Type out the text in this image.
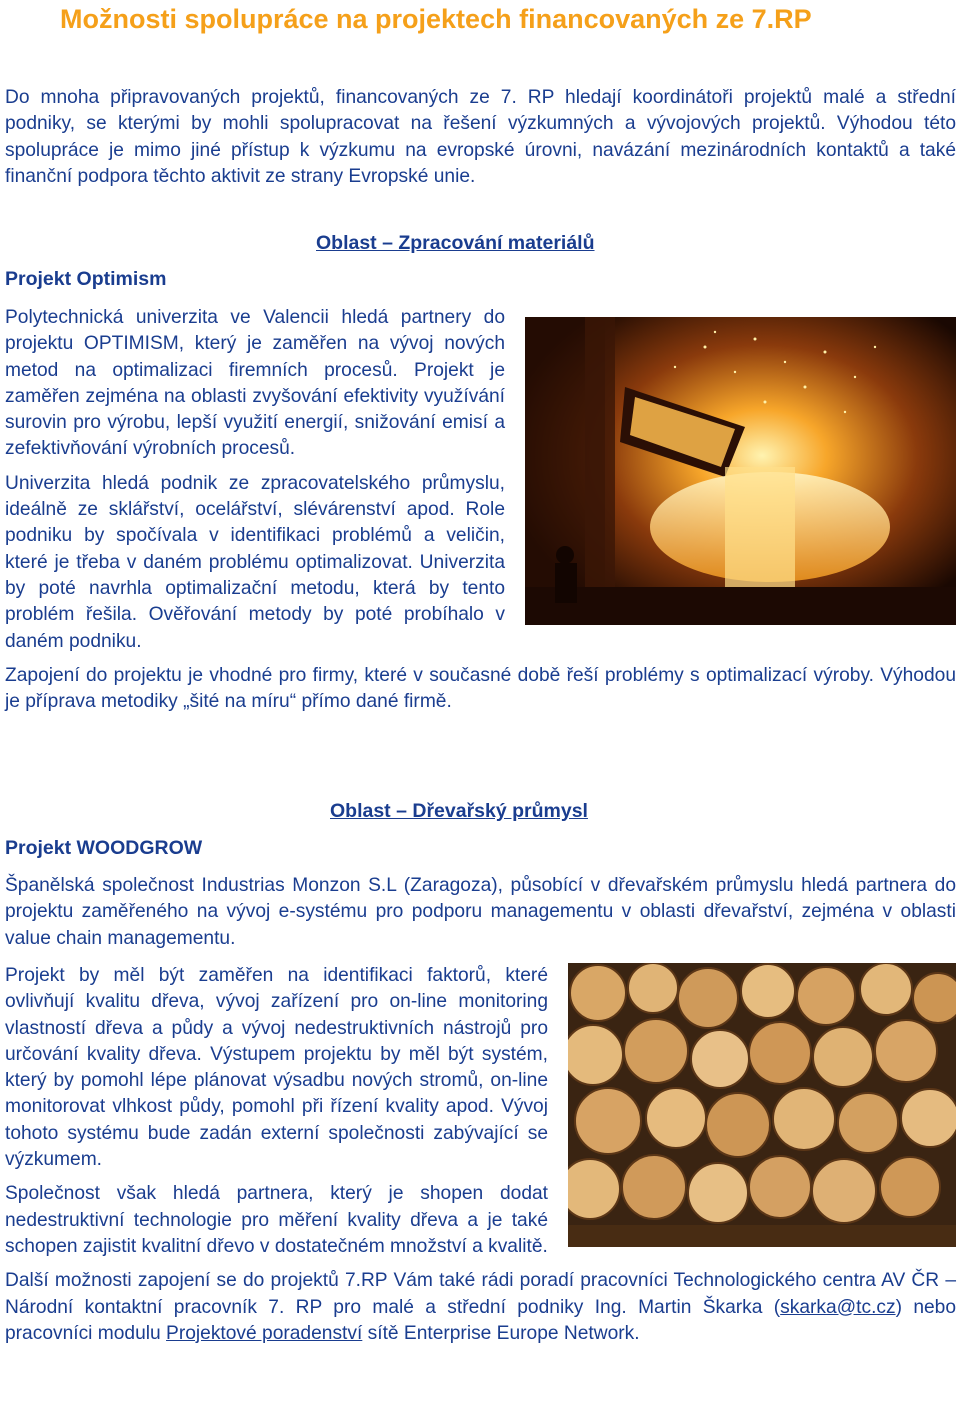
Možnosti spolupráce na projektech financovaných ze 7.RP

Do mnoha připravovaných projektů, financovaných ze 7. RP hledají koordinátoři projektů malé a střední podniky, se kterými by mohli spolupracovat na řešení výzkumných a vývojových projektů. Výhodou této spolupráce je mimo jiné přístup k výzkumu na evropské úrovni, navázání mezinárodních kontaktů a také finanční podpora těchto aktivit ze strany Evropské unie.

Oblast – Zpracování materiálů
Projekt Optimism

Polytechnická univerzita ve Valencii hledá partnery do projektu OPTIMISM, který je zaměřen na vývoj nových metod na optimalizaci firemních procesů. Projekt je zaměřen zejména na oblasti zvyšování efektivity využívání surovin pro výrobu, lepší využití energií, snižování emisí a zefektivňování výrobních procesů.

Univerzita hledá podnik ze zpracovatelského průmyslu, ideálně ze sklářství, ocelářství, slévárenství apod. Role podniku by spočívala v identifikaci problémů a veličin, které je třeba v daném problému optimalizovat. Univerzita by poté navrhla optimalizační metodu, která by tento problém řešila. Ověřování metody by poté probíhalo v daném podniku.

Zapojení do projektu je vhodné pro firmy, které v současné době řeší problémy s optimalizací výroby. Výhodou je příprava metodiky „šité na míru“ přímo dané firmě.

Oblast – Dřevařský průmysl
Projekt WOODGROW

Španělská společnost Industrias Monzon S.L (Zaragoza), působící v dřevařském průmyslu hledá partnera do projektu zaměřeného na vývoj e-systému pro podporu managementu v oblasti dřevařství, zejména v oblasti value chain managementu.

Projekt by měl být zaměřen na identifikaci faktorů, které ovlivňují kvalitu dřeva, vývoj zařízení pro on-line monitoring vlastností dřeva a půdy a vývoj nedestruktivních nástrojů pro určování kvality dřeva. Výstupem projektu by měl být systém, který by pomohl lépe plánovat výsadbu nových stromů, on-line monitorovat vlhkost půdy, pomohl při řízení kvality apod. Vývoj tohoto systému bude zadán externí společnosti zabývající se výzkumem.

Společnost však hledá partnera, který je shopen dodat nedestruktivní technologie pro měření kvality dřeva a je také schopen zajistit kvalitní dřevo v dostatečném množství a kvalitě.

Další možnosti zapojení se do projektů 7.RP Vám také rádi poradí pracovníci Technologického centra AV ČR – Národní kontaktní pracovník 7. RP pro malé a střední podniky Ing. Martin Škarka (skarka@tc.cz) nebo pracovníci modulu Projektové poradenství sítě Enterprise Europe Network.
